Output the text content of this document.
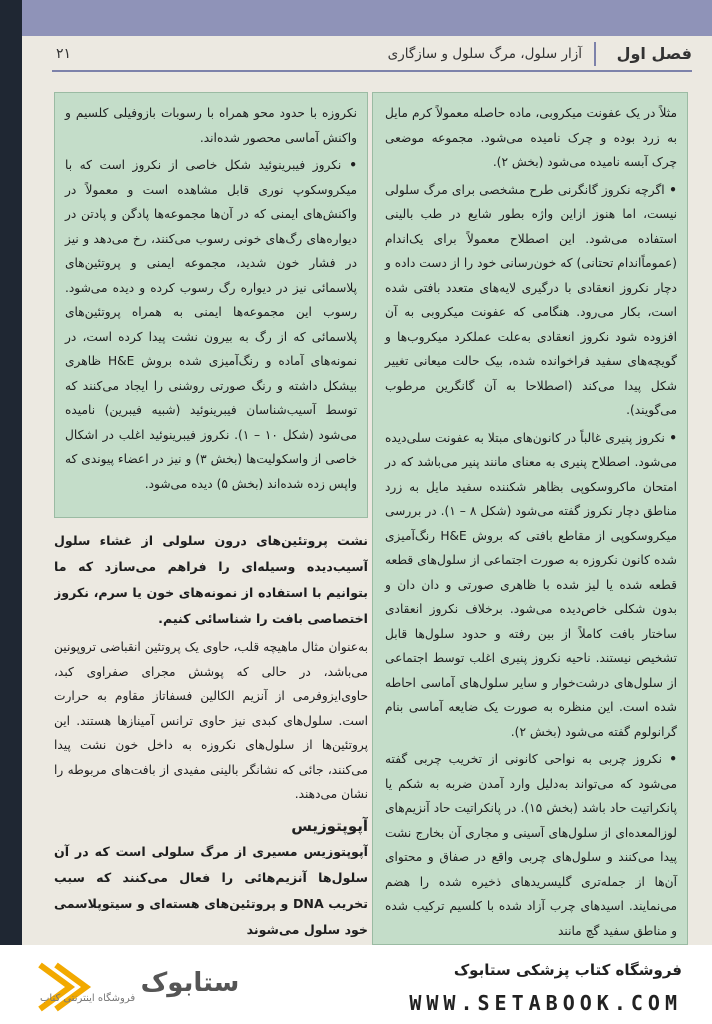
فصل اول
آزار سلول، مرگ سلول و سازگاری
۲۱

مثلاً در یک عفونت میکروبی، ماده حاصله معمولاً کرم مایل به زرد بوده و چرک نامیده می‌شود. مجموعه موضعی چرک آبسه نامیده می‌شود (بخش ۲).

• اگرچه نکروز گانگرنی طرح مشخصی برای مرگ سلولی نیست، اما هنوز ازاین واژه بطور شایع در طب بالینی استفاده می‌شود. این اصطلاح معمولاً برای یک‌اندام (عموماًاندام تحتانی) که خون‌رسانی خود را از دست داده و دچار نکروز انعقادی با درگیری لایه‌های متعدد بافتی شده است، بکار می‌رود. هنگامی که عفونت میکروبی به آن افزوده شود نکروز انعقادی به‌علت عملکرد میکروب‌ها و گویچه‌های سفید فراخوانده شده، بیک حالت میعانی تغییر شکل پیدا می‌کند (اصطلاحا به آن گانگرین مرطوب می‌گویند).

• نکروز پنیری غالباً در کانون‌های مبتلا به عفونت سلی‌دیده می‌شود. اصطلاح پنیری به معنای مانند پنیر می‌باشد که در امتحان ماکروسکوپی بظاهر شکننده سفید مایل به زرد مناطق دچار نکروز گفته می‌شود (شکل ۸ – ۱). در بررسی میکروسکوپی از مقاطع بافتی که بروش H&E رنگ‌آمیزی شده کانون نکروزه به صورت اجتماعی از سلول‌های قطعه قطعه شده یا لیز شده با ظاهری صورتی و دان دان و بدون شکلی خاص‌دیده می‌شود. برخلاف نکروز انعقادی ساختار بافت کاملاً از بین رفته و حدود سلول‌ها قابل تشخیص نیستند. ناحیه نکروز پنیری اغلب توسط اجتماعی از سلول‌های درشت‌خوار و سایر سلول‌های آماسی احاطه شده است. این منظره به صورت یک ضایعه آماسی بنام گرانولوم گفته می‌شود (بخش ۲).

• نکروز چربی به نواحی کانونی از تخریب چربی گفته می‌شود که می‌تواند به‌دلیل وارد آمدن ضربه به شکم یا پانکراتیت حاد باشد (بخش ۱۵). در پانکراتیت حاد آنزیم‌های لوزالمعده‌ای از سلول‌های آسینی و مجاری آن بخارج نشت پیدا می‌کنند و سلول‌های چربی واقع در صفاق و محتوای آن‌ها از جمله‌تری گلیسریدهای ذخیره شده را هضم می‌نمایند. اسیدهای چرب آزاد شده با کلسیم ترکیب شده و مناطق سفید گچ مانند

نکروزه با حدود محو همراه با رسوبات بازوفیلی کلسیم و واکنش آماسی محصور شده‌اند.

• نکروز فیبرینوئید شکل خاصی از نکروز است که با میکروسکوپ نوری قابل مشاهده است و معمولاً در واکنش‌های ایمنی که در آن‌ها مجموعه‌ها پادگن و پادتن در دیواره‌های رگ‌های خونی رسوب می‌کنند، رخ می‌دهد و نیز در فشار خون شدید، مجموعه ایمنی و پروتئین‌های پلاسمائی نیز در دیواره رگ رسوب کرده و دیده می‌شود. رسوب این مجموعه‌ها ایمنی به همراه پروتئین‌های پلاسمائی که از رگ به بیرون نشت پیدا کرده است، در نمونه‌های آماده و رنگ‌آمیزی شده بروش H&E ظاهری بیشکل داشته و رنگ صورتی روشنی را ایجاد می‌کنند که توسط آسیب‌شناسان فیبرینوئید (شبیه فیبرین) نامیده می‌شود (شکل ۱۰ – ۱). نکروز فیبرینوئید اغلب در اشکال خاصی از واسکولیت‌ها (بخش ۳) و نیز در اعضاء پیوندی که واپس زده شده‌اند (بخش ۵) دیده می‌شود.

نشت پروتئین‌های درون سلولی از غشاء سلول آسیب‌دیده وسیله‌ای را فراهم می‌سازد که ما بتوانیم با استفاده از نمونه‌های خون یا سرم، نکروز اختصاصی بافت را شناسائی کنیم.

به‌عنوان مثال ماهیچه قلب، حاوی یک پروتئین انقباضی تروپونین می‌باشد، در حالی که پوشش مجرای صفراوی کبد، حاوی‌ایزوفرمی از آنزیم الکالین فسفاتاز مقاوم به حرارت است. سلول‌های کبدی نیز حاوی ترانس آمینازها هستند. این پروتئین‌ها از سلول‌های نکروزه به داخل خون نشت پیدا می‌کنند، جائی که نشانگر بالینی مفیدی از بافت‌های مربوطه را نشان می‌دهند.

آپوپتوزیس

آپوپتوزیس مسیری از مرگ سلولی است که در آن سلول‌ها آنزیم‌هائی را فعال می‌کنند که سبب تخریب DNA و پروتئین‌های هسته‌ای و سیتوپلاسمی خود سلول می‌شوند

ستابوک
فروشگاه اینترنتی کتاب
فروشگاه کتاب پزشکی ستابوک
WWW.SETABOOK.COM
